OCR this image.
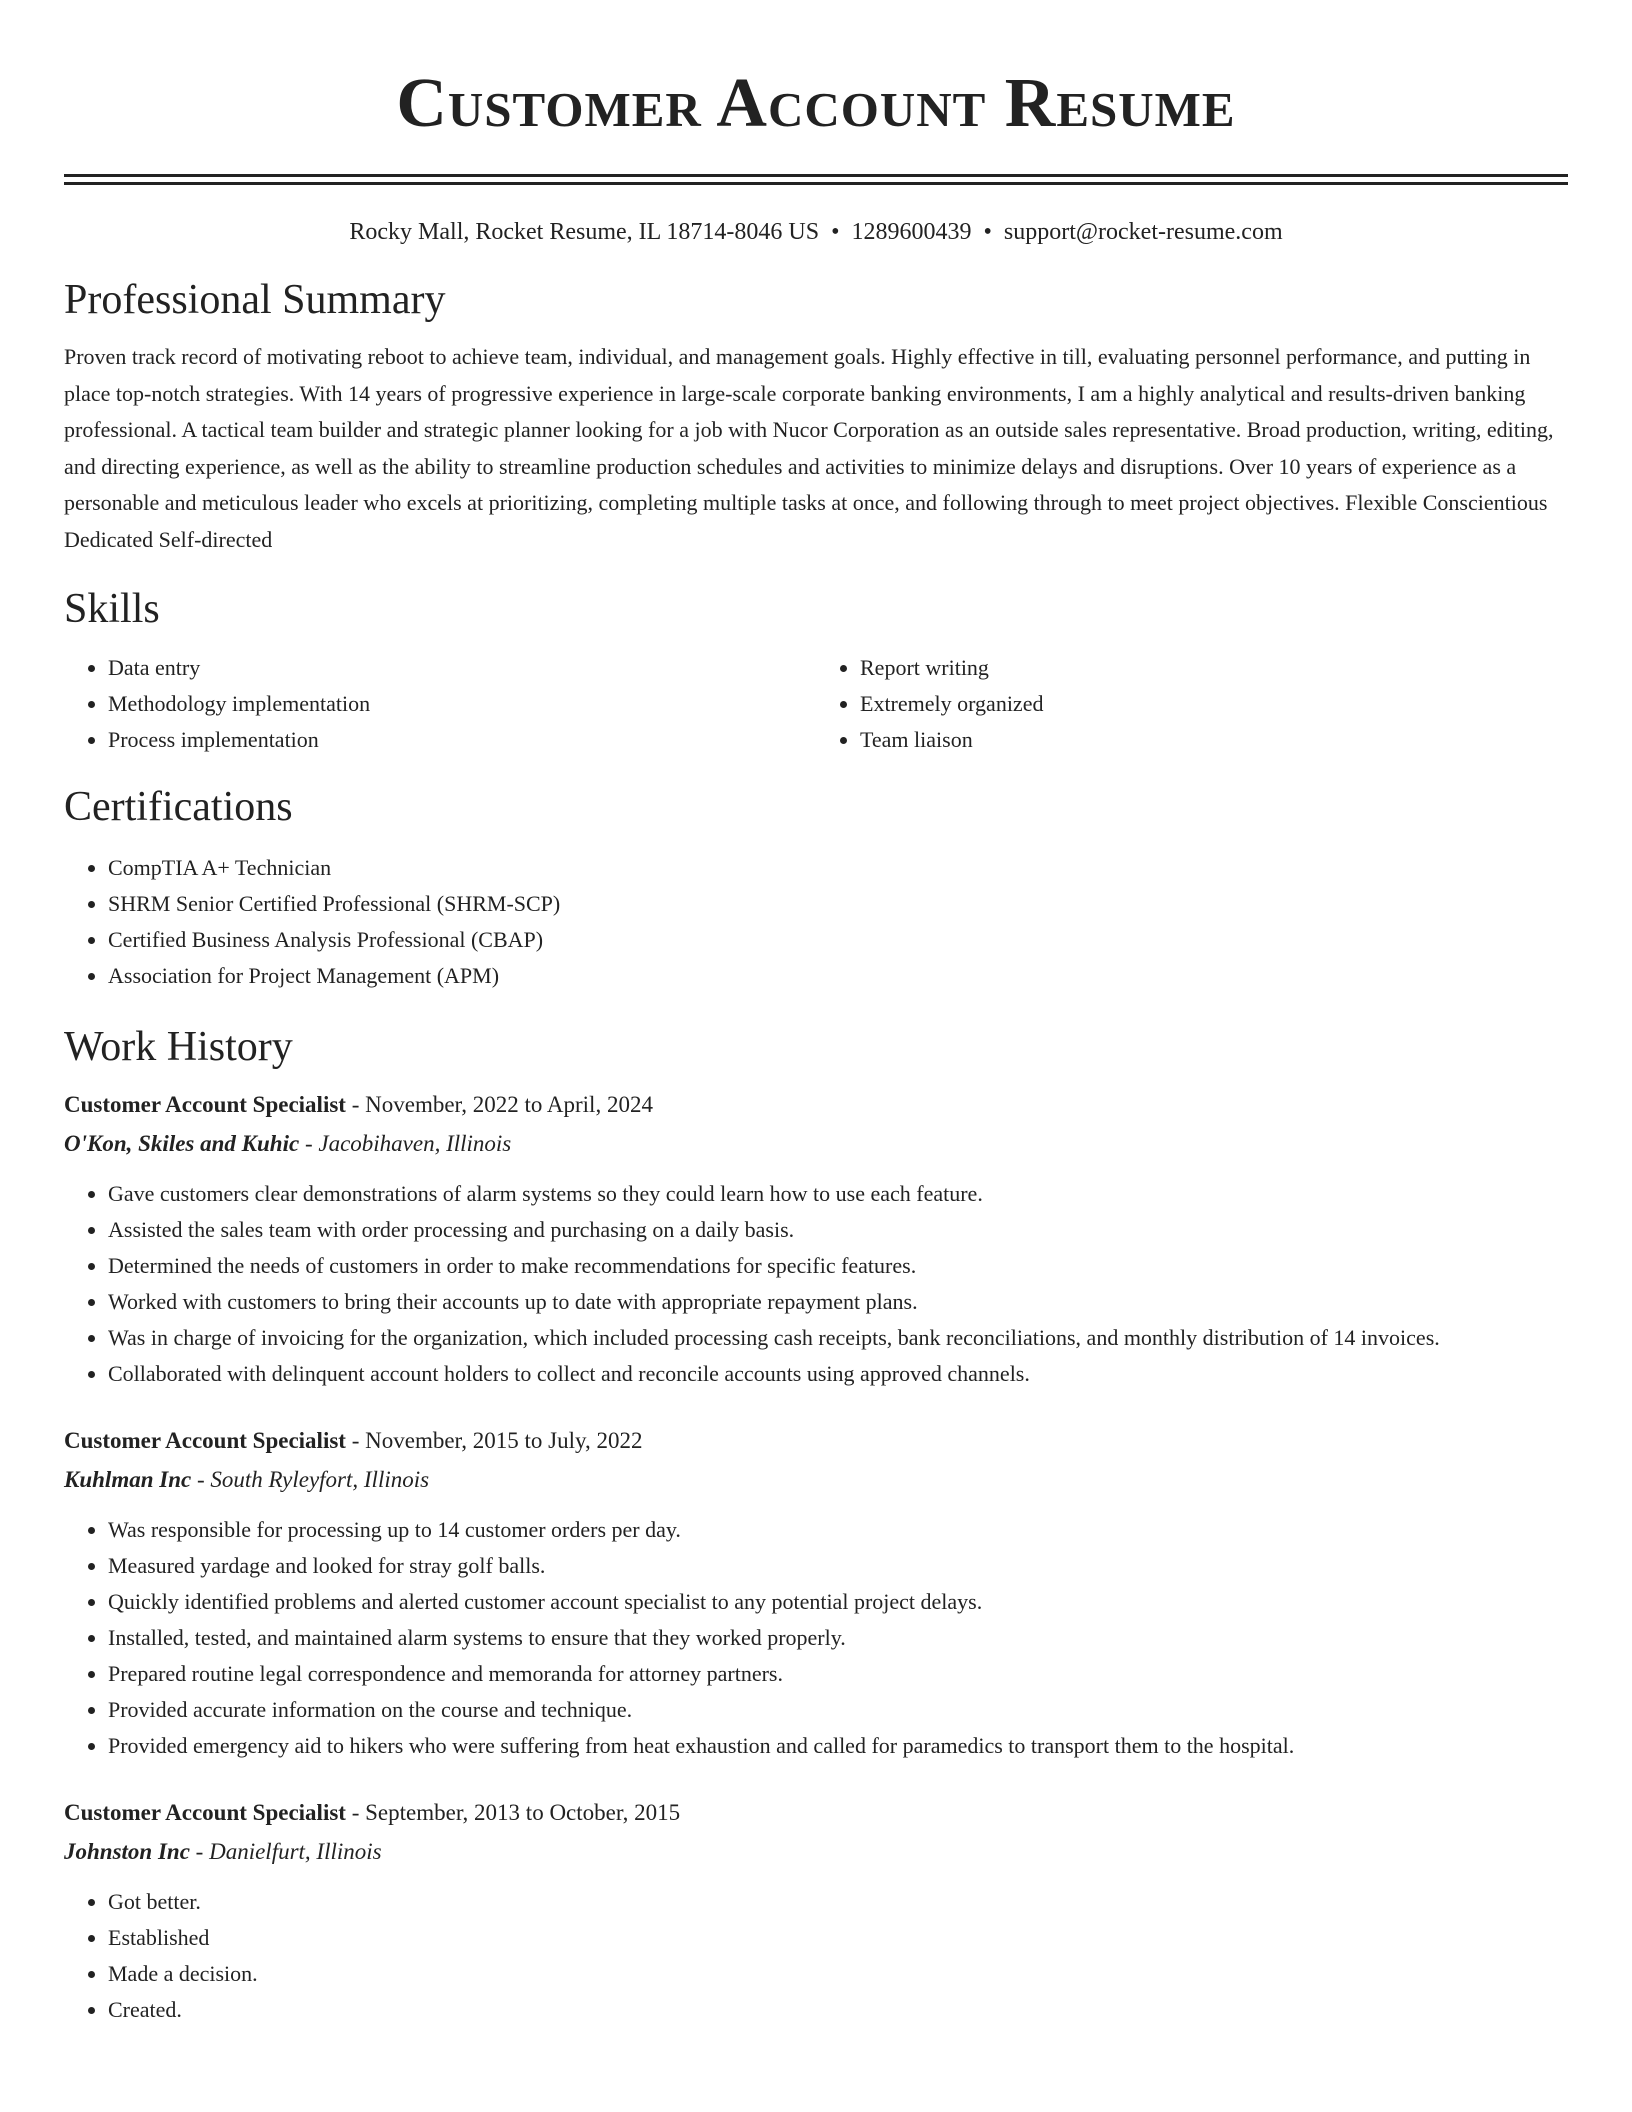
Customer Account Resume
Rocky Mall, Rocket Resume, IL 18714-8046 US • 1289600439 • support@rocket-resume.com
Professional Summary

Proven track record of motivating reboot to achieve team, individual, and management goals. Highly effective in till, evaluating personnel performance, and putting in place top-notch strategies. With 14 years of progressive experience in large-scale corporate banking environments, I am a highly analytical and results-driven banking professional. A tactical team builder and strategic planner looking for a job with Nucor Corporation as an outside sales representative. Broad production, writing, editing, and directing experience, as well as the ability to streamline production schedules and activities to minimize delays and disruptions. Over 10 years of experience as a personable and meticulous leader who excels at prioritizing, completing multiple tasks at once, and following through to meet project objectives. Flexible Conscientious Dedicated Self-directed

Skills
• Data entry
• Methodology implementation
• Process implementation
• Report writing
• Extremely organized
• Team liaison
Certifications
• CompTIA A+ Technician
• SHRM Senior Certified Professional (SHRM-SCP)
• Certified Business Analysis Professional (CBAP)
• Association for Project Management (APM)
Work History
Customer Account Specialist - November, 2022 to April, 2024
O'Kon, Skiles and Kuhic - Jacobihaven, Illinois
• Gave customers clear demonstrations of alarm systems so they could learn how to use each feature.
• Assisted the sales team with order processing and purchasing on a daily basis.
• Determined the needs of customers in order to make recommendations for specific features.
• Worked with customers to bring their accounts up to date with appropriate repayment plans.
• Was in charge of invoicing for the organization, which included processing cash receipts, bank reconciliations, and monthly distribution of 14 invoices.
• Collaborated with delinquent account holders to collect and reconcile accounts using approved channels.
Customer Account Specialist - November, 2015 to July, 2022
Kuhlman Inc - South Ryleyfort, Illinois
• Was responsible for processing up to 14 customer orders per day.
• Measured yardage and looked for stray golf balls.
• Quickly identified problems and alerted customer account specialist to any potential project delays.
• Installed, tested, and maintained alarm systems to ensure that they worked properly.
• Prepared routine legal correspondence and memoranda for attorney partners.
• Provided accurate information on the course and technique.
• Provided emergency aid to hikers who were suffering from heat exhaustion and called for paramedics to transport them to the hospital.
Customer Account Specialist - September, 2013 to October, 2015
Johnston Inc - Danielfurt, Illinois
• Got better.
• Established
• Made a decision.
• Created.
